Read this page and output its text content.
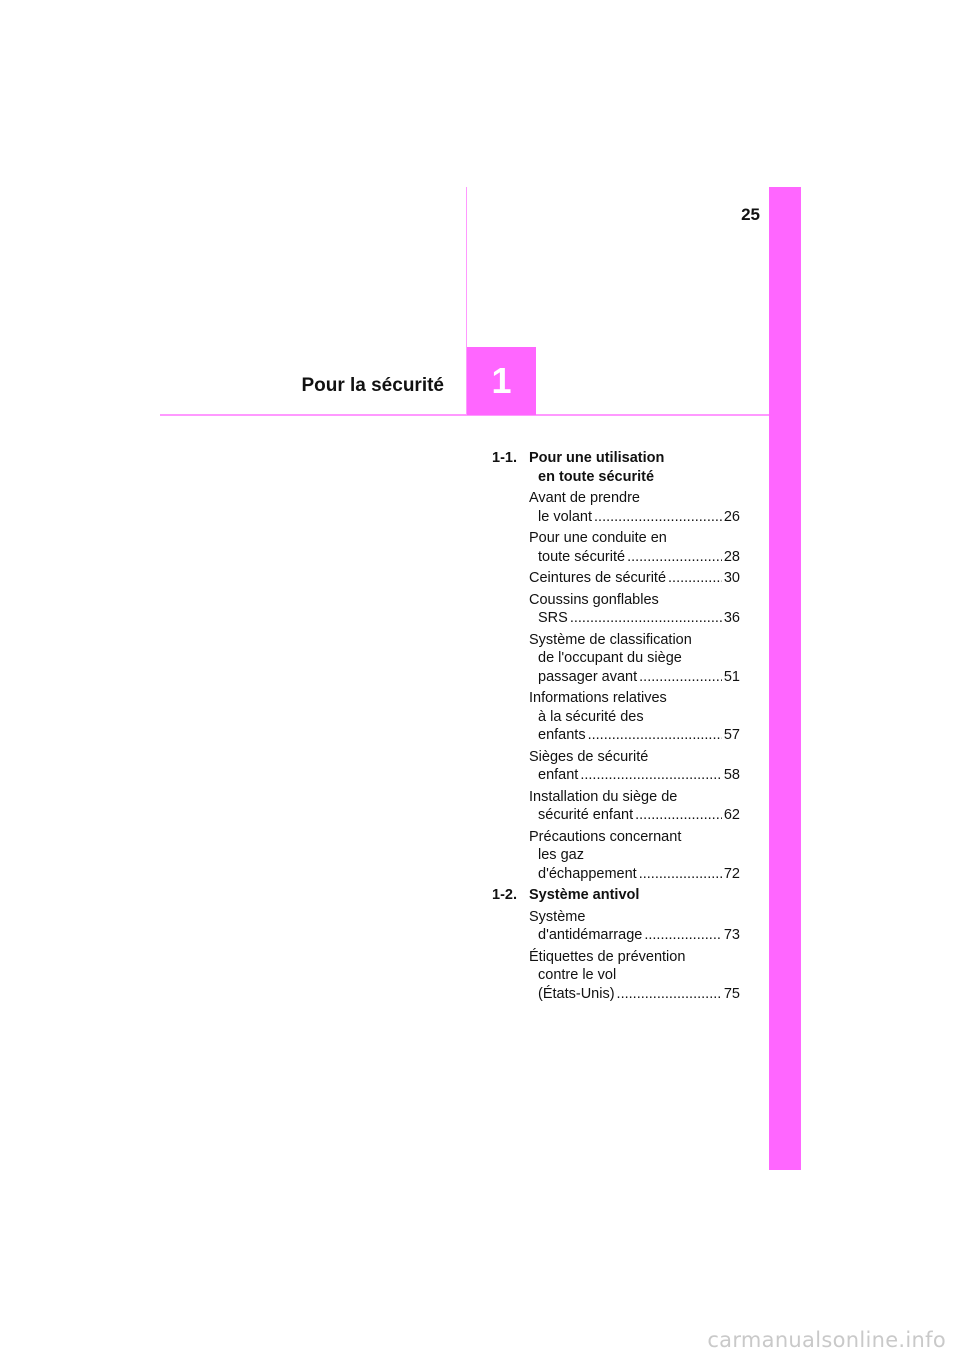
1
25
Pour la sécurité
1-1. Pour une utilisation
en toute sécurité
Avant de prendre
le volant .....	26
Pour une conduite en
toute sécurité .....	28
Ceintures de sécurité .....	30
Coussins gonflables
SRS .....	36
Système de classification
de l'occupant du siège
passager avant .....	51
Informations relatives
à la sécurité des
enfants .....	57
Sièges de sécurité
enfant .....	58
Installation du siège de
sécurité enfant .....	62
Précautions concernant
les gaz
d'échappement .....	72
1-2. Système antivol
Système
d'antidémarrage .....	73
Étiquettes de prévention
contre le vol
(États-Unis) .....	75
carmanualsonline.info
